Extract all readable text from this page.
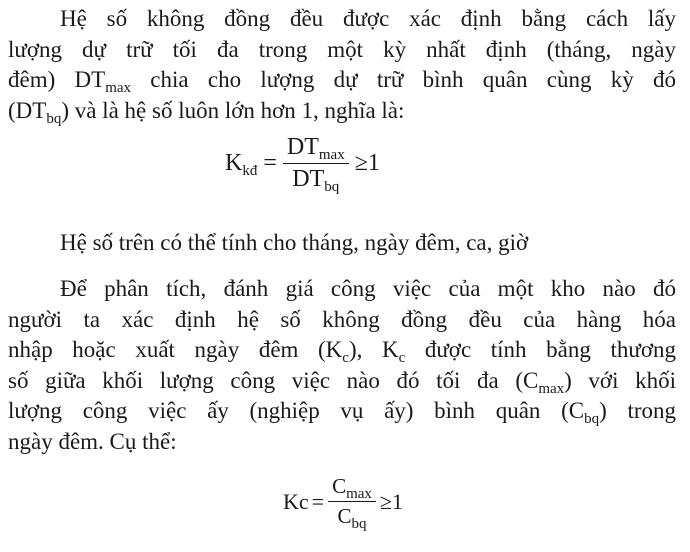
Hệ số không đồng đều được xác định bằng cách lấy
lượng dự trữ tối đa trong một kỳ nhất định (tháng, ngày
đêm) $DT_{max}$ chia cho lượng dự trữ bình quân cùng kỳ đó
$(DT_{bq})$ và là hệ số luôn lớn hơn 1, nghĩa là:
$K_{kđ} = \frac{DT_{max}}{DT_{bq}} \ge 1$
Hệ số trên có thể tính cho tháng, ngày đêm, ca, giờ
Để phân tích, đánh giá công việc của một kho nào đó
người ta xác định hệ số không đồng đều của hàng hóa
nhập hoặc xuất ngày đêm $(K_c)$, $K_c$ được tính bằng thương
số giữa khối lượng công việc nào đó tối đa $(C_{max})$ với khối
lượng công việc ấy (nghiệp vụ ấy) bình quân $(C_{bq})$ trong
ngày đêm. Cụ thể:
$Kc = \frac{C_{max}}{C_{bq}} \ge 1$
